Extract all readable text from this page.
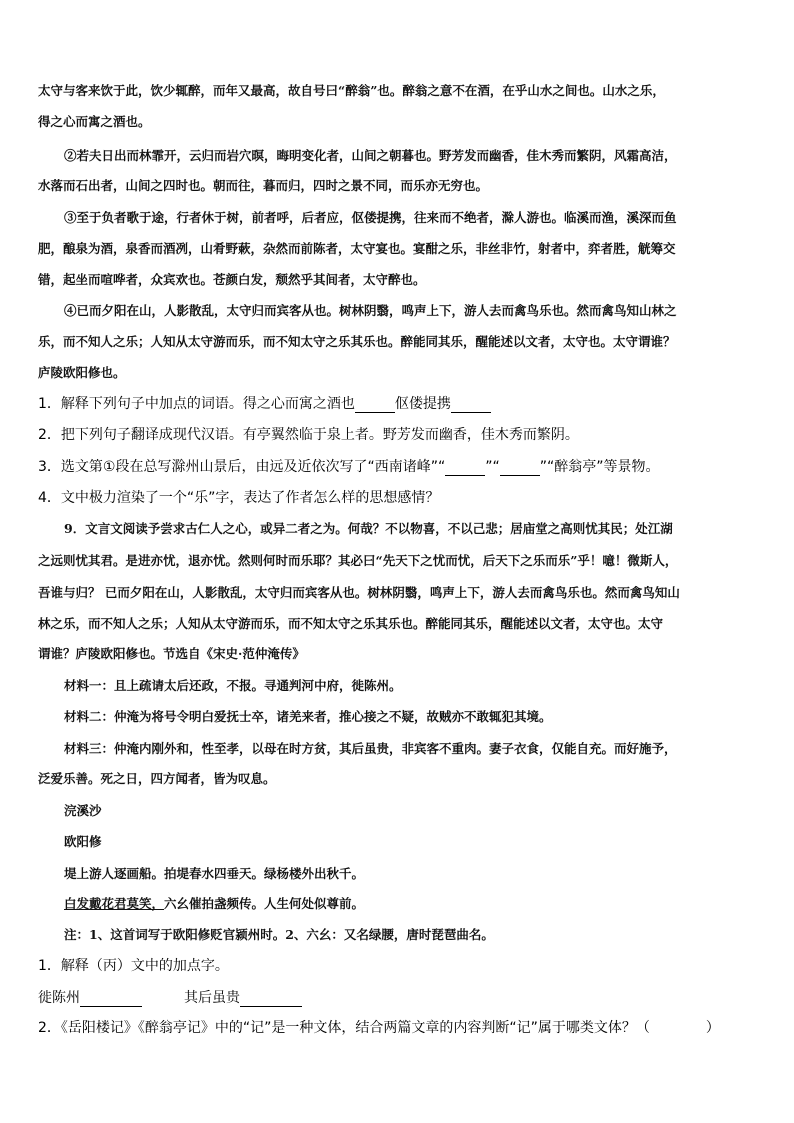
太守与客来饮于此，饮少辄醉，而年又最高，故自号曰“醉翁”也。醉翁之意不在酒，在乎山水之间也。山水之乐，

得之心而寓之酒也。

②若夫日出而林霏开，云归而岩穴暝，晦明变化者，山间之朝暮也。野芳发而幽香，佳木秀而繁阴，风霜高洁，

水落而石出者，山间之四时也。朝而往，暮而归，四时之景不同，而乐亦无穷也。

③至于负者歌于途，行者休于树，前者呼，后者应，伛偻提携，往来而不绝者，滁人游也。临溪而渔，溪深而鱼

肥，酿泉为酒，泉香而酒冽，山肴野蔌，杂然而前陈者，太守宴也。宴酣之乐，非丝非竹，射者中，弈者胜，觥筹交

错，起坐而喧哗者，众宾欢也。苍颜白发，颓然乎其间者，太守醉也。

④已而夕阳在山，人影散乱，太守归而宾客从也。树林阴翳，鸣声上下，游人去而禽鸟乐也。然而禽鸟知山林之

乐，而不知人之乐；人知从太守游而乐，而不知太守之乐其乐也。醉能同其乐，醒能述以文者，太守也。太守谓谁？

庐陵欧阳修也。

1．解释下列句子中加点的词语。得之心而寓之酒也	伛偻提携

2．把下列句子翻译成现代汉语。有亭翼然临于泉上者。野芳发而幽香，佳木秀而繁阴。

3．选文第①段在总写滁州山景后，由远及近依次写了“西南诸峰”“	”“	”“醉翁亭”等景物。

4．文中极力渲染了一个“乐”字，表达了作者怎么样的思想感情？

9．文言文阅读予尝求古仁人之心，或异二者之为。何哉？不以物喜，不以己悲；居庙堂之高则忧其民；处江湖

之远则忧其君。是进亦忧，退亦忧。然则何时而乐耶？其必曰“先天下之忧而忧，后天下之乐而乐”乎！噫！微斯人，

吾谁与归？ 已而夕阳在山，人影散乱，太守归而宾客从也。树林阴翳，鸣声上下，游人去而禽鸟乐也。然而禽鸟知山

林之乐，而不知人之乐；人知从太守游而乐，而不知太守之乐其乐也。醉能同其乐，醒能述以文者，太守也。太守

谓谁？庐陵欧阳修也。节选自《宋史·范仲淹传》

材料一：且上疏请太后还政，不报。寻通判河中府，徙陈州。

材料二：仲淹为将号令明白爱抚士卒，诸羌来者，推心接之不疑，故贼亦不敢辄犯其境。

材料三：仲淹内刚外和，性至孝，以母在时方贫，其后虽贵，非宾客不重肉。妻子衣食，仅能自充。而好施予，

泛爱乐善。死之日，四方闻者，皆为叹息。

浣溪沙

欧阳修

堤上游人逐画船。拍堤春水四垂天。绿杨楼外出秋千。

白发戴花君莫笑，六幺催拍盏频传。人生何处似尊前。

注：1、这首词写于欧阳修贬官颍州时。2、六幺：又名绿腰，唐时琵琶曲名。

1．解释（丙）文中的加点字。

徙陈州	其后虽贵

2．《岳阳楼记》《醉翁亭记》中的“记”是一种文体，结合两篇文章的内容判断“记”属于哪类文体？（	）
